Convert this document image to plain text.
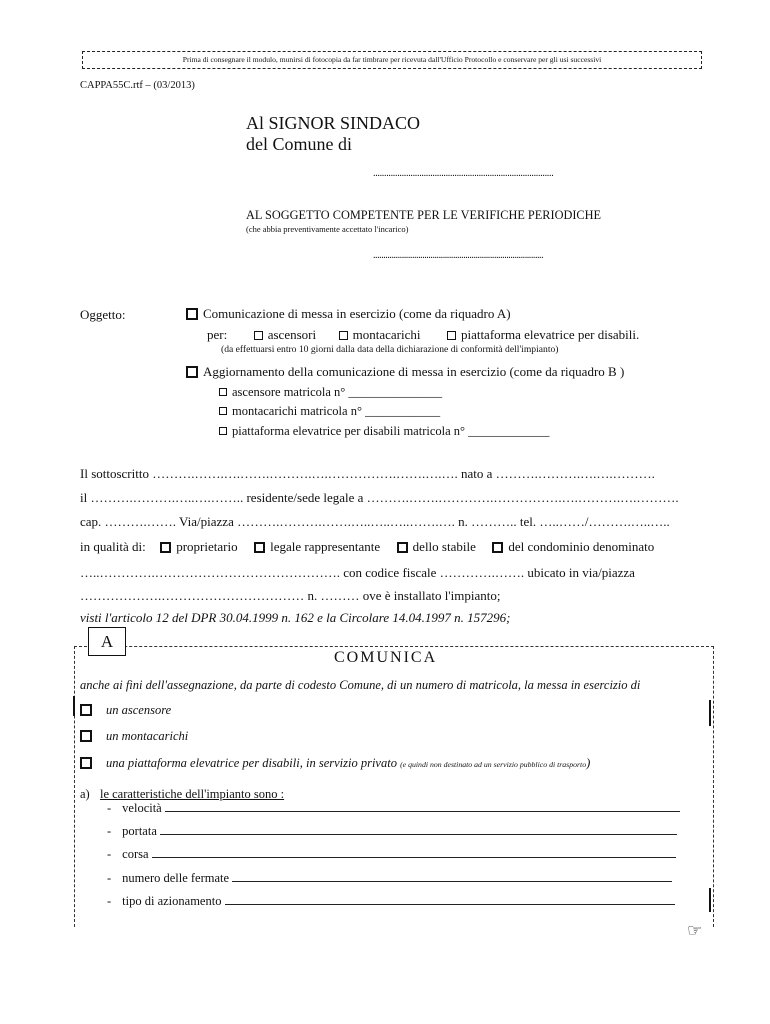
Prima di consegnare il modulo, munirsi di fotocopia da far timbrare per ricevuta dall'Ufficio Protocollo e conservare per gli usi successivi
CAPPA55C.rtf – (03/2013)
Al SIGNOR SINDACO
del Comune di
..................................................................................
AL SOGGETTO COMPETENTE PER LE VERIFICHE PERIODICHE
(che abbia preventivamente accettato l'incarico)
...................................................................................
Oggetto:	Comunicazione di messa in esercizio (come da riquadro A)
per:	ascensori	montacarichi	piattaforma elevatrice per disabili.
(da effettuarsi entro 10 giorni dalla data della dichiarazione di conformità dell'impianto)
Aggiornamento della comunicazione di messa in esercizio (come da riquadro B )
ascensore matricola n° _______________
montacarichi matricola n° ____________
piattaforma elevatrice per disabili matricola n° _____________
Il sottoscritto ……….…….….…….……….….…………….…….….…. nato a ……….……….….….……….
il ……….……….…..….…….. residente/sede legale a ……….…….………….…………….….……….….……….
cap. ……….……. Via/piazza ……….……….…….…..…..…..…….…. n. ……….. tel. …..……/……….…..…..
in qualità di: proprietario	legale rappresentante	dello stabile	del condominio denominato
…..………….……………………………………. con codice fiscale ………….……. ubicato in via/piazza
……………….…………………………… n. ……… ove è installato l'impianto;
visti l'articolo 12 del DPR 30.04.1999 n. 162 e la Circolare 14.04.1997 n. 157296;
A
COMUNICA
anche ai fini dell'assegnazione, da parte di codesto Comune, di un numero di matricola, la messa in esercizio di
un ascensore
un montacarichi
una piattaforma elevatrice per disabili, in servizio privato (e quindi non destinato ad un servizio pubblico di trasporto)
a) le caratteristiche dell'impianto sono :
- velocità
- portata
- corsa
- numero delle fermate
- tipo di azionamento
☞
